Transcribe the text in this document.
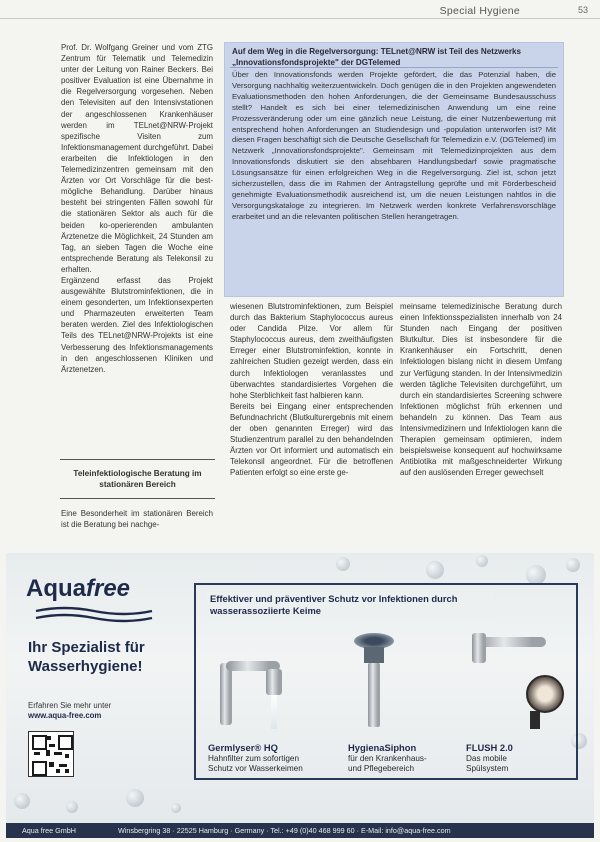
Special Hygiene	53

Prof. Dr. Wolfgang Greiner und vom ZTG Zentrum für Telematik und Telemedizin unter der Leitung von Rainer Beckers. Bei positiver Evaluation ist eine Übernahme in die Regelversorgung vorgesehen. Neben den Televisiten auf den Intensivstationen der angeschlossenen Krankenhäuser werden im TELnet@NRW-Projekt spezifische Visiten zum Infektionsmanagement durchgeführt. Dabei erarbeiten die Infektiologen in den Telemedizinzentren gemeinsam mit den Ärzten vor Ort Vorschläge für die best-mögliche Behandlung. Darüber hinaus besteht bei stringenten Fällen sowohl für die stationären Sektor als auch für die beiden ko-operierenden ambulanten Ärztenetze die Möglichkeit, 24 Stunden am Tag, an sieben Tagen die Woche eine entsprechende Beratung als Telekonsil zu erhalten.

Ergänzend erfasst das Projekt ausgewählte Blutstrominfektionen, die in einem gesonderten, um Infektionsexperten und Pharmazeuten erweiterten Team beraten werden. Ziel des Infektiologischen Teils des TELnet@NRW-Projekts ist eine Verbesserung des Infektionsmanagements in den angeschlossenen Kliniken und Ärztenetzen.

Teleinfektiologische Beratung im stationären Bereich

Eine Besonderheit im stationären Bereich ist die Beratung bei nachge-

Auf dem Weg in die Regelversorgung: TELnet@NRW ist Teil des Netzwerks „Innovationsfondsprojekte" der DGTelemed
Über den Innovationsfonds werden Projekte gefördert, die das Potenzial haben, die Versorgung nachhaltig weiterzuentwickeln. Doch genügen die in den Projekten angewendeten Evaluationsmethoden den hohen Anforderungen, die der Gemeinsame Bundesausschuss stellt? Handelt es sich bei einer telemedizinischen Anwendung um eine reine Prozessveränderung oder um eine gänzlich neue Leistung, die einer Nutzenbewertung mit entsprechend hohen Anforderungen an Studiendesign und -population unterworfen ist? Mit diesen Fragen beschäftigt sich die Deutsche Gesellschaft für Telemedizin e.V. (DGTelemed) im Netzwerk „Innovationsfondsprojekte". Gemeinsam mit Telemedizinprojekten aus dem Innovationsfonds diskutiert sie den absehbaren Handlungsbedarf sowie pragmatische Lösungsansätze für einen erfolgreichen Weg in die Regelversorgung. Ziel ist, schon jetzt sicherzustellen, dass die im Rahmen der Antragstellung geprüfte und mit Förderbescheid genehmigte Evaluationsmethodik ausreichend ist, um die neuen Leistungen nahtlos in die Versorgungskataloge zu integrieren. Im Netzwerk werden konkrete Verfahrensvorschläge erarbeitet und an die relevanten politischen Stellen herangetragen.

wiesenen Blutstrominfektionen, zum Beispiel durch das Bakterium Staphylococcus aureus oder Candida Pilze. Vor allem für Staphylococcus aureus, dem zweithäufigsten Erreger einer Blutstrominfektion, konnte in zahlreichen Studien gezeigt werden, dass ein durch Infektiologen veranlasstes und überwachtes standardisiertes Vorgehen die hohe Sterblichkeit fast halbieren kann.

Bereits bei Eingang einer entsprechenden Befundnachricht (Blutkulturergebnis mit einem der oben genannten Erreger) wird das Studienzentrum parallel zu den behandelnden Ärzten vor Ort informiert und automatisch ein Telekonsil angeordnet. Für die betroffenen Patienten erfolgt so eine erste ge-

meinsame telemedizinische Beratung durch einen Infektionsspezialisten innerhalb von 24 Stunden nach Eingang der positiven Blutkultur. Dies ist insbesondere für die Krankenhäuser ein Fortschritt, denen Infektiologen bislang nicht in diesem Umfang zur Verfügung standen. In der Intensivmedizin werden tägliche Televisiten durchgeführt, um durch ein standardisiertes Screening schwere Infektionen möglichst früh erkennen und behandeln zu können. Das Team aus Intensivmedizinern und Infektiologen kann die Therapien gemeinsam optimieren, indem beispielsweise konsequent auf hochwirksame Antibiotika mit maßgeschneiderter Wirkung auf den auslösenden Erreger gewechselt

Aquafree
Ihr Spezialist für Wasserhygiene!
Erfahren Sie mehr unter
www.aqua-free.com
Effektiver und präventiver Schutz vor Infektionen durch wasserassoziierte Keime
Germlyser® HQ
Hahnfilter zum sofortigen
Schutz vor Wasserkeimen
HygienaSiphon
für den Krankenhaus-
und Pflegebereich
FLUSH 2.0
Das mobile
Spülsystem
Aqua free GmbH	Winsbergring 38 · 22525 Hamburg · Germany · Tel.: +49 (0)40 468 999 60 · E-Mail: info@aqua-free.com
